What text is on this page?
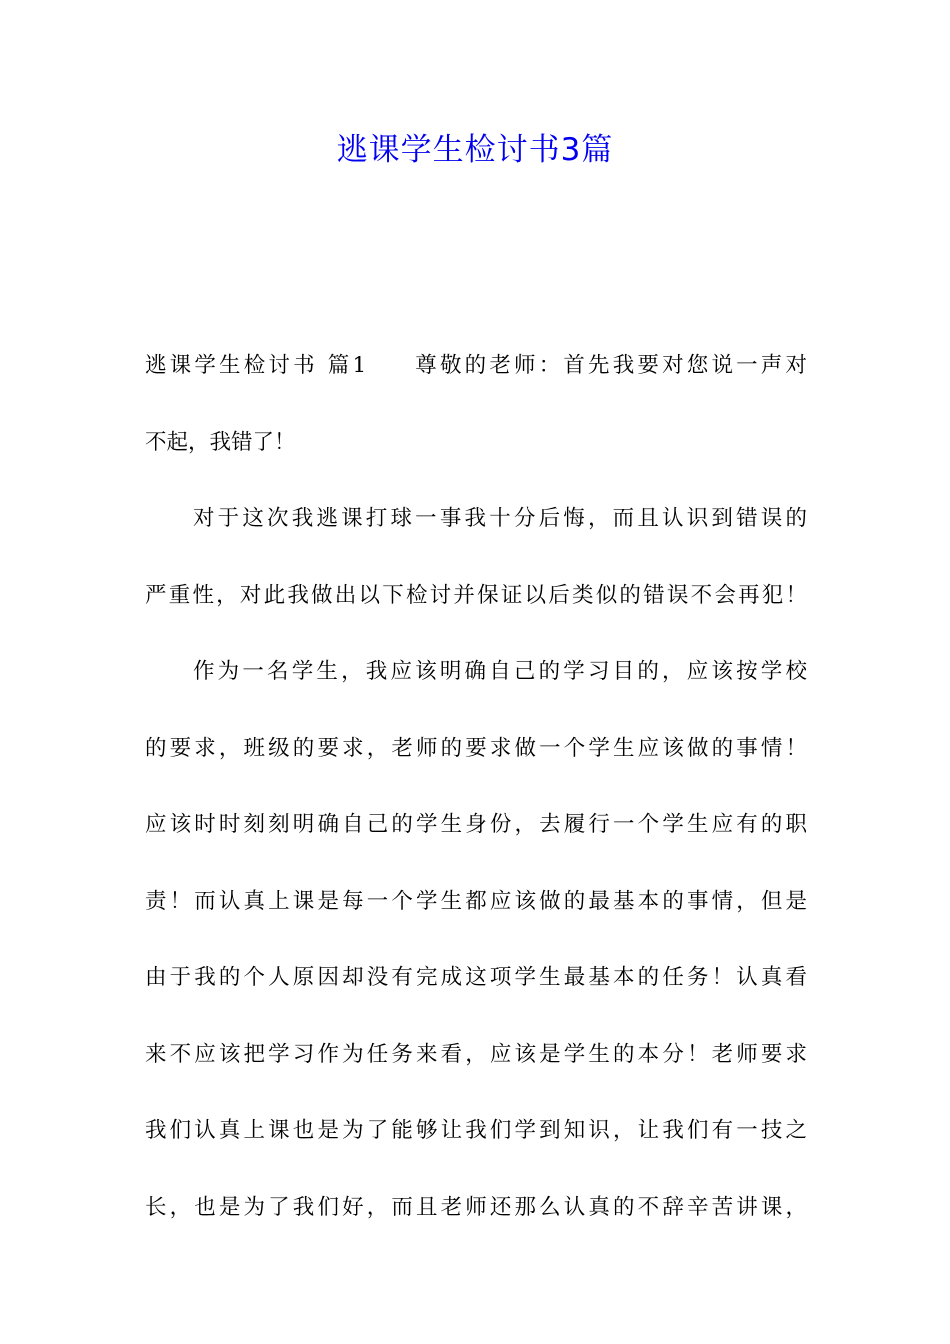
逃课学生检讨书3篇
逃课学生检讨书 篇1 尊敬的老师：首先我要对您说一声对
不起，我错了！
对于这次我逃课打球一事我十分后悔，而且认识到错误的
严重性，对此我做出以下检讨并保证以后类似的错误不会再犯！
作为一名学生，我应该明确自己的学习目的，应该按学校
的要求，班级的要求，老师的要求做一个学生应该做的事情！
应该时时刻刻明确自己的学生身份，去履行一个学生应有的职
责！而认真上课是每一个学生都应该做的最基本的事情，但是
由于我的个人原因却没有完成这项学生最基本的任务！认真看
来不应该把学习作为任务来看，应该是学生的本分！老师要求
我们认真上课也是为了能够让我们学到知识，让我们有一技之
长，也是为了我们好，而且老师还那么认真的不辞辛苦讲课，
